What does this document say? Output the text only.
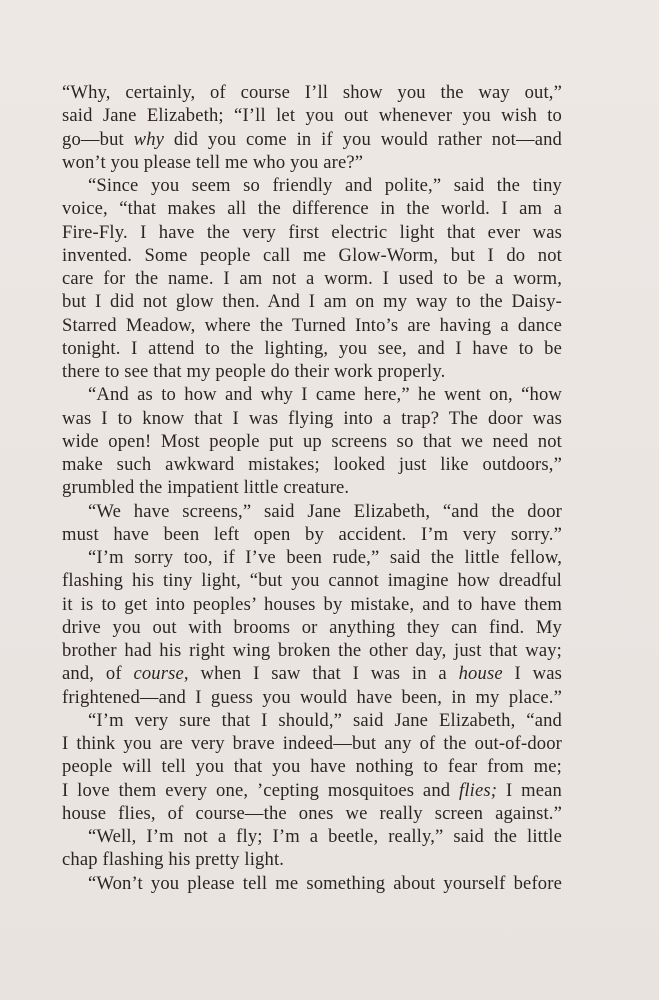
“Why, certainly, of course I’ll show you the way out,”
said Jane Elizabeth; “I’ll let you out whenever you wish to
go—but why did you come in if you would rather not—and
won’t you please tell me who you are?”
“Since you seem so friendly and polite,” said the tiny
voice, “that makes all the difference in the world. I am a
Fire-Fly. I have the very first electric light that ever was
invented. Some people call me Glow-Worm, but I do not
care for the name. I am not a worm. I used to be a worm,
but I did not glow then. And I am on my way to the Daisy-
Starred Meadow, where the Turned Into’s are having a dance
tonight. I attend to the lighting, you see, and I have to be
there to see that my people do their work properly.
“And as to how and why I came here,” he went on, “how
was I to know that I was flying into a trap? The door was
wide open! Most people put up screens so that we need not
make such awkward mistakes; looked just like outdoors,”
grumbled the impatient little creature.
“We have screens,” said Jane Elizabeth, “and the door
must have been left open by accident. I’m very sorry.”
“I’m sorry too, if I’ve been rude,” said the little fellow,
flashing his tiny light, “but you cannot imagine how dreadful
it is to get into peoples’ houses by mistake, and to have them
drive you out with brooms or anything they can find. My
brother had his right wing broken the other day, just that way;
and, of course, when I saw that I was in a house I was
frightened—and I guess you would have been, in my place.”
“I’m very sure that I should,” said Jane Elizabeth, “and
I think you are very brave indeed—but any of the out-of-door
people will tell you that you have nothing to fear from me;
I love them every one, ’cepting mosquitoes and flies; I mean
house flies, of course—the ones we really screen against.”
“Well, I’m not a fly; I’m a beetle, really,” said the little
chap flashing his pretty light.
“Won’t you please tell me something about yourself before
